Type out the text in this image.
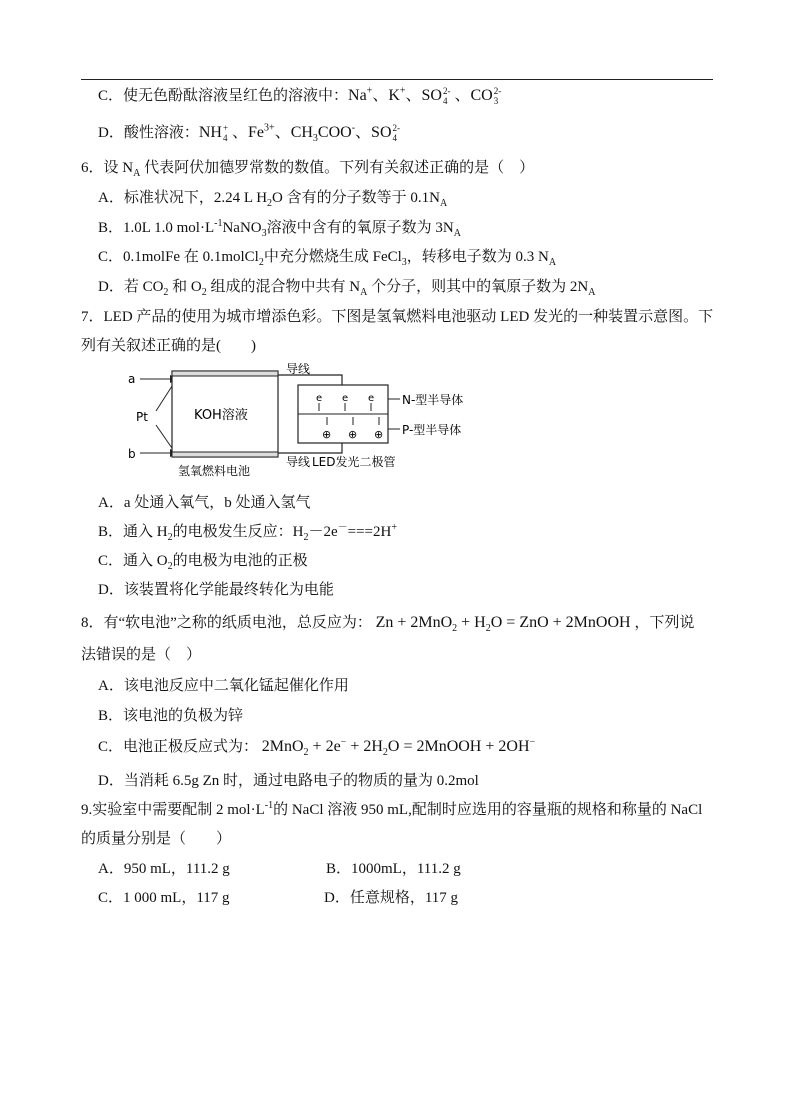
C．使无色酚酞溶液呈红色的溶液中：Na+、K+、SO 2-
4 、CO 2-
3
D．酸性溶液：NH +
4 、$Fe^{3+}$、$CH_3COO^-$、SO 2-
4
6．设 $N_A$ 代表阿伏加德罗常数的数值。下列有关叙述正确的是（　）
A．标准状况下，2.24 L $H_2O$ 含有的分子数等于 $0.1N_A$
B．1.0L 1.0 $mol\cdot L^{-1}NaNO_3$溶液中含有的氧原子数为 $3N_A$
C．0.1molFe 在 0.1molCl$_2$中充分燃烧生成 FeCl$_3$，转移电子数为 0.3 $N_A$
D．若 $CO_2$ 和 $O_2$ 组成的混合物中共有 $N_A$ 个分子，则其中的氧原子数为 $2N_A$
7．LED 产品的使用为城市增添色彩。下图是氢氧燃料电池驱动 LED 发光的一种装置示意图。下
列有关叙述正确的是(　　)
a
b
Pt	KOH溶液
氢氧燃料电池
导线
导线
e e e
⊕ ⊕ ⊕
LED发光二极管
N-型半导体
P-型半导体
A．a 处通入氧气，b 处通入氢气
B．通入 $H_2$的电极发生反应：$H_2-2e^-===2H^+$
C．通入 $O_2$的电极为电池的正极
D．该装置将化学能最终转化为电能
8．有“软电池”之称的纸质电池，总反应为： $Zn + 2MnO_2 + H_2O$ = ZnO + 2MnOOH ，下列说
法错误的是（　）
A．该电池反应中二氧化锰起催化作用
B．该电池的负极为锌
C．电池正极反应式为： $2MnO_2 + 2e^- + 2H_2O$ = 2MnOOH + 2OH−
D．当消耗 6.5g Zn 时，通过电路电子的物质的量为 0.2mol
9.实验室中需要配制 2 $mol\cdot L^{-1}$的 NaCl 溶液 950 mL,配制时应选用的容量瓶的规格和称量的 NaCl
的质量分别是（　　）
A．950 mL，111.2 g	B．1000mL，111.2 g
C．1 000 mL，117 g	D．任意规格，117 g
